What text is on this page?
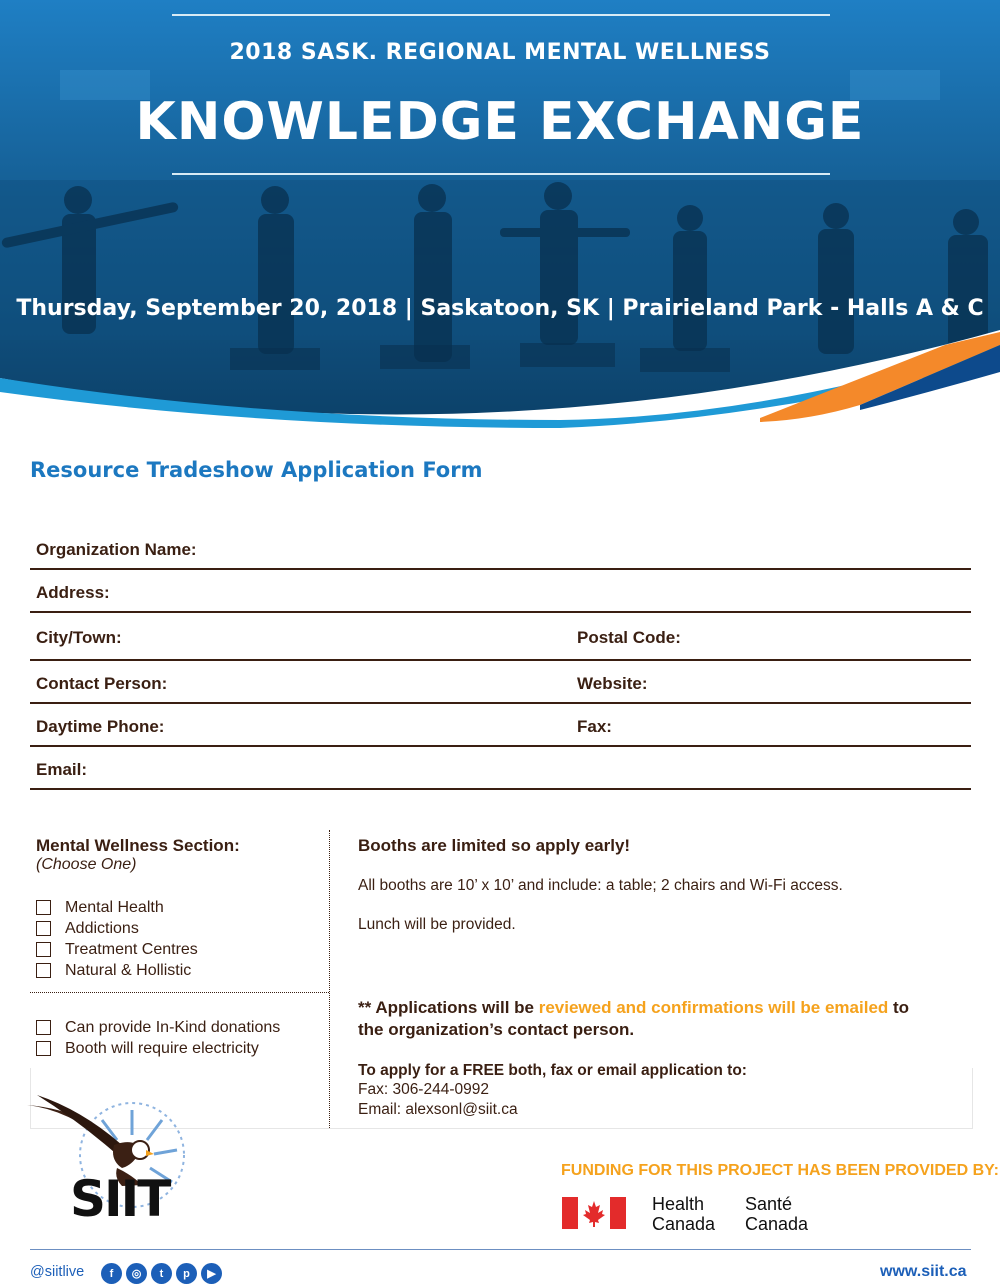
2018 SASK. REGIONAL MENTAL WELLNESS
KNOWLEDGE EXCHANGE
Thursday, September 20, 2018 | Saskatoon, SK | Prairieland Park - Halls A & C
Resource Tradeshow Application Form
Organization Name:
Address:
City/Town:	Postal Code:
Contact Person:	Website:
Daytime Phone:	Fax:
Email:
Mental Wellness Section:
(Choose One)
Mental Health
Addictions
Treatment Centres
Natural & Hollistic
Can provide In-Kind donations
Booth will require electricity
Booths are limited so apply early!
All booths are 10’ x 10’ and include: a table; 2 chairs and Wi-Fi access.
Lunch will be provided.
** Applications will be reviewed and confirmations will be emailed to
the organization’s contact person.
To apply for a FREE both, fax or email application to:
Fax: 306-244-0992
Email: alexsonl@siit.ca
SIIT	FUNDING FOR THIS PROJECT HAS BEEN PROVIDED BY:
Health
Canada
Santé
Canada
@siitlive	f	◎	t	p	▶	www.siit.ca
